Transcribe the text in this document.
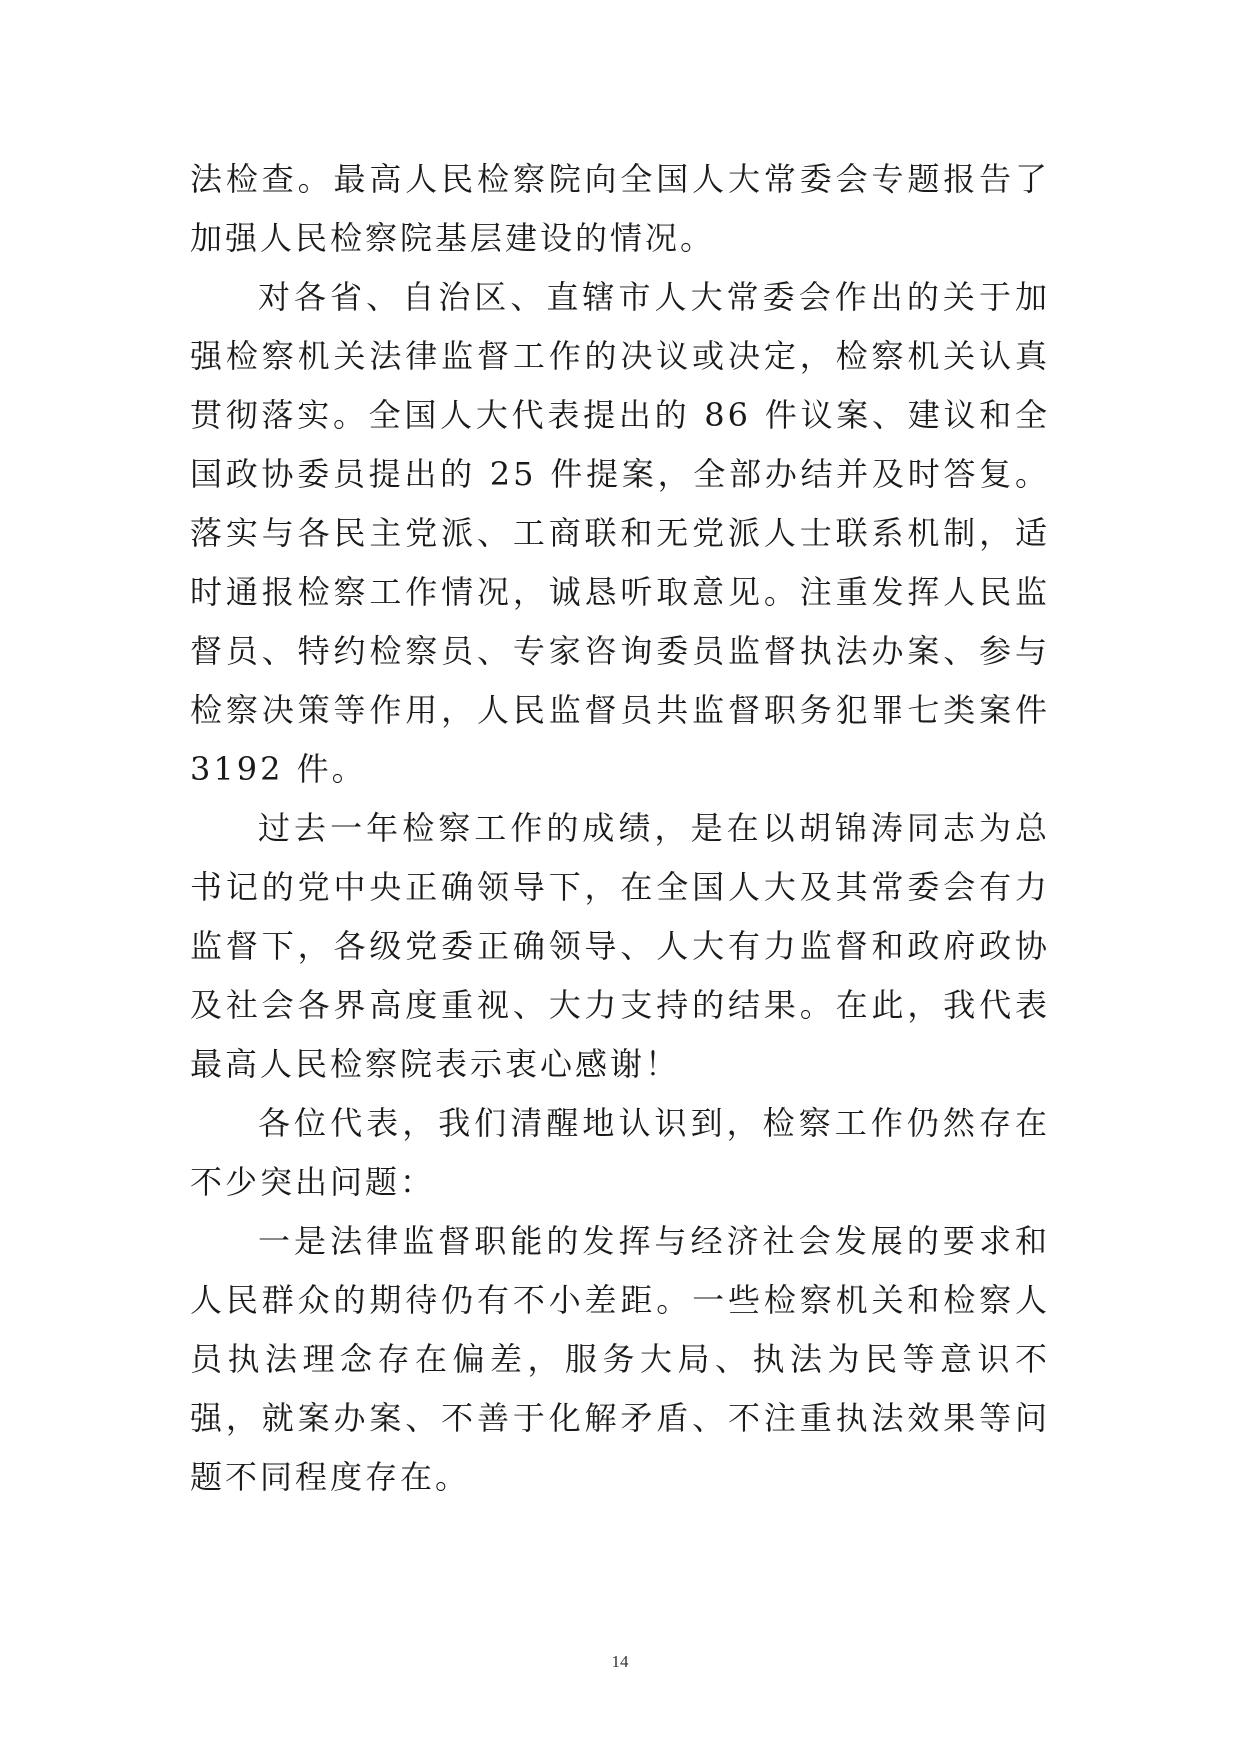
法检查。最高人民检察院向全国人大常委会专题报告了加强人民检察院基层建设的情况。

对各省、自治区、直辖市人大常委会作出的关于加强检察机关法律监督工作的决议或决定，检察机关认真贯彻落实。全国人大代表提出的 86 件议案、建议和全国政协委员提出的 25 件提案，全部办结并及时答复。落实与各民主党派、工商联和无党派人士联系机制，适时通报检察工作情况，诚恳听取意见。注重发挥人民监督员、特约检察员、专家咨询委员监督执法办案、参与检察决策等作用，人民监督员共监督职务犯罪七类案件 3192 件。

过去一年检察工作的成绩，是在以胡锦涛同志为总书记的党中央正确领导下，在全国人大及其常委会有力监督下，各级党委正确领导、人大有力监督和政府政协及社会各界高度重视、大力支持的结果。在此，我代表最高人民检察院表示衷心感谢！

各位代表，我们清醒地认识到，检察工作仍然存在不少突出问题：

一是法律监督职能的发挥与经济社会发展的要求和人民群众的期待仍有不小差距。一些检察机关和检察人员执法理念存在偏差，服务大局、执法为民等意识不强，就案办案、不善于化解矛盾、不注重执法效果等问题不同程度存在。

14
